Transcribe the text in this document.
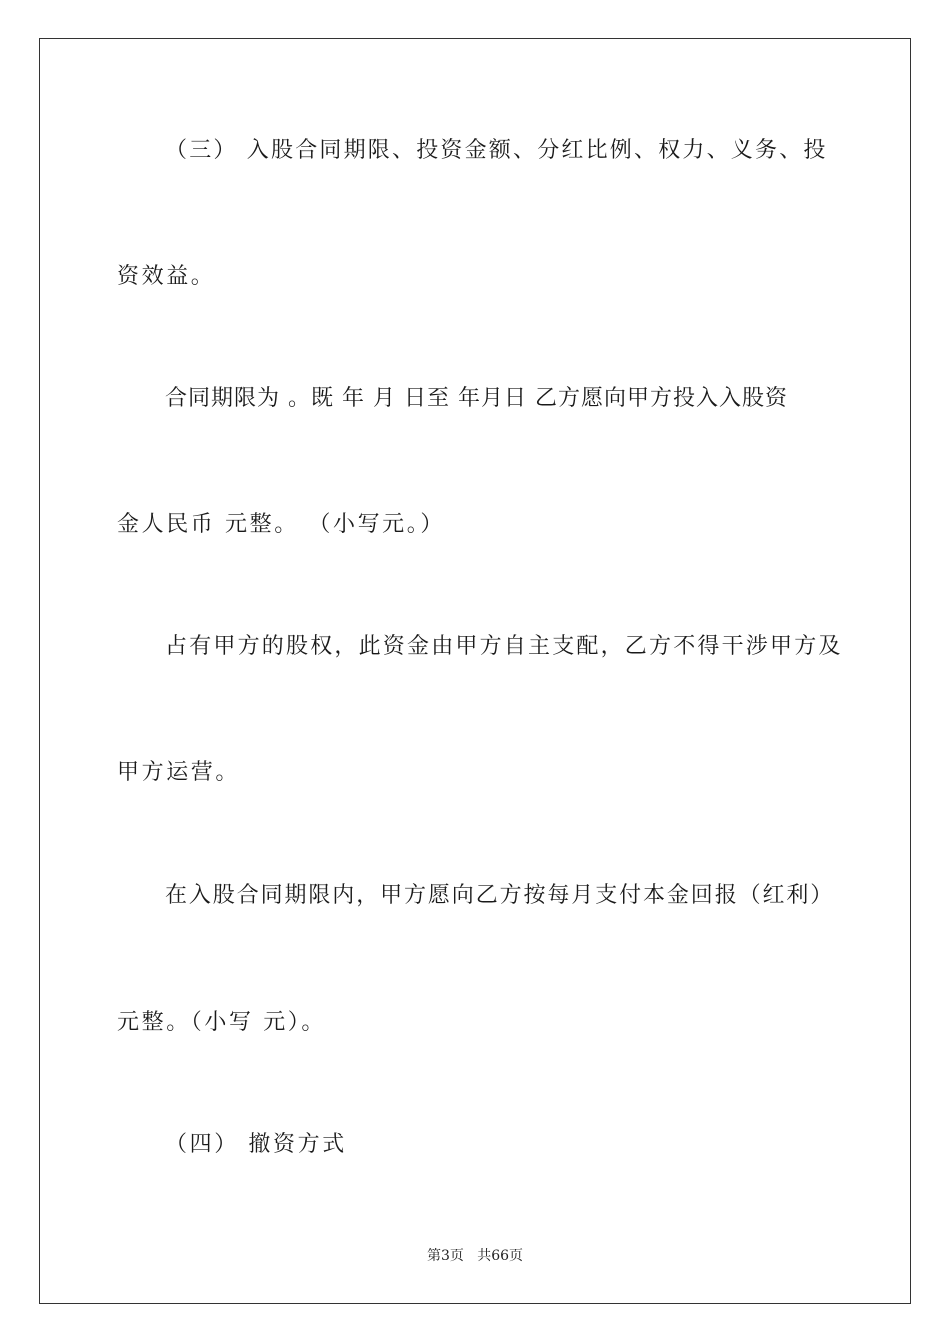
（三） 入股合同期限、投资金额、分红比例、权力、义务、投
资效益。
合同期限为 。既 年 月 日至 年月日 乙方愿向甲方投入入股资
金人民币 元整。 （小写元。）
占有甲方的股权，此资金由甲方自主支配，乙方不得干涉甲方及
甲方运营。
在入股合同期限内，甲方愿向乙方按每月支付本金回报（红利）
元整。（小写 元）。
（四） 撤资方式
第3页   共66页
